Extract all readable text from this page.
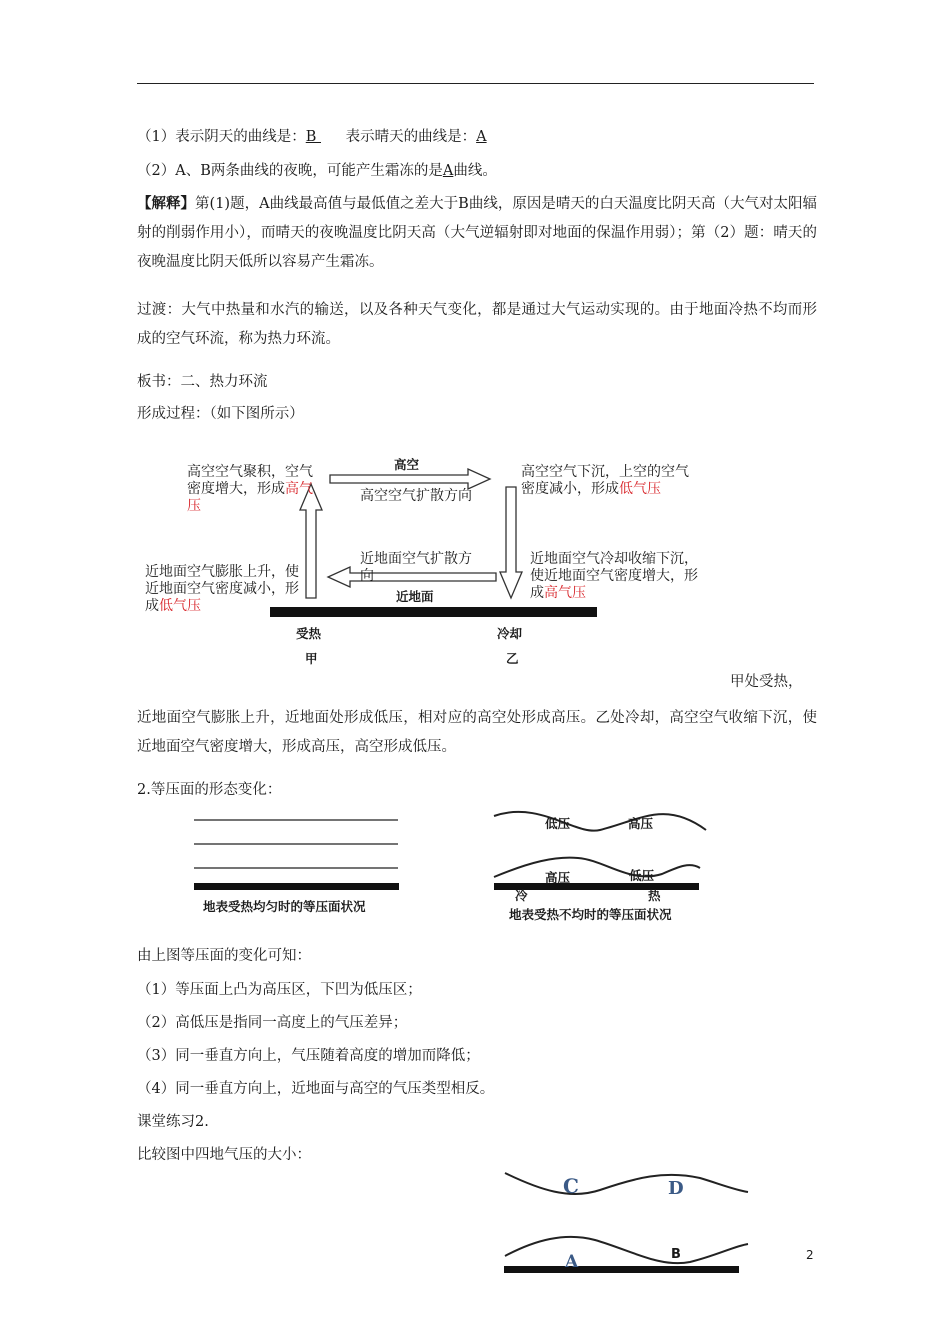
（1）表示阴天的曲线是：B  表示晴天的曲线是：A
（2）A、B两条曲线的夜晚，可能产生霜冻的是A曲线。
【解释】第(1)题，A曲线最高值与最低值之差大于B曲线，原因是晴天的白天温度比阴天高（大气对太阳辐射的削弱作用小），而晴天的夜晚温度比阴天高（大气逆辐射即对地面的保温作用弱）；第（2）题：晴天的夜晚温度比阴天低所以容易产生霜冻。
过渡：大气中热量和水汽的输送，以及各种天气变化，都是通过大气运动实现的。由于地面冷热不均而形成的空气环流，称为热力环流。
板书：二、热力环流
形成过程：（如下图所示）
高空
高空空气扩散方向
近地面
近地面空气扩散方向
高空空气聚积，空气密度增大，形成高气压
高空空气下沉，上空的空气密度减小，形成低气压
近地面空气膨胀上升，使近地面空气密度减小，形成低气压
近地面空气冷却收缩下沉，使近地面空气密度增大，形成高气压
受热	冷却
甲	乙
甲处受热，
近地面空气膨胀上升，近地面处形成低压，相对应的高空处形成高压。乙处冷却，高空空气收缩下沉，使近地面空气密度增大，形成高压，高空形成低压。
2.等压面的形态变化：
地表受热均匀时的等压面状况
低压	高压
高压	低压
冷	热
地表受热不均时的等压面状况
由上图等压面的变化可知：
（1）等压面上凸为高压区，下凹为低压区；
（2）高低压是指同一高度上的气压差异；
（3）同一垂直方向上，气压随着高度的增加而降低；
（4）同一垂直方向上，近地面与高空的气压类型相反。
课堂练习2.
比较图中四地气压的大小：
C	D
A	B	2
